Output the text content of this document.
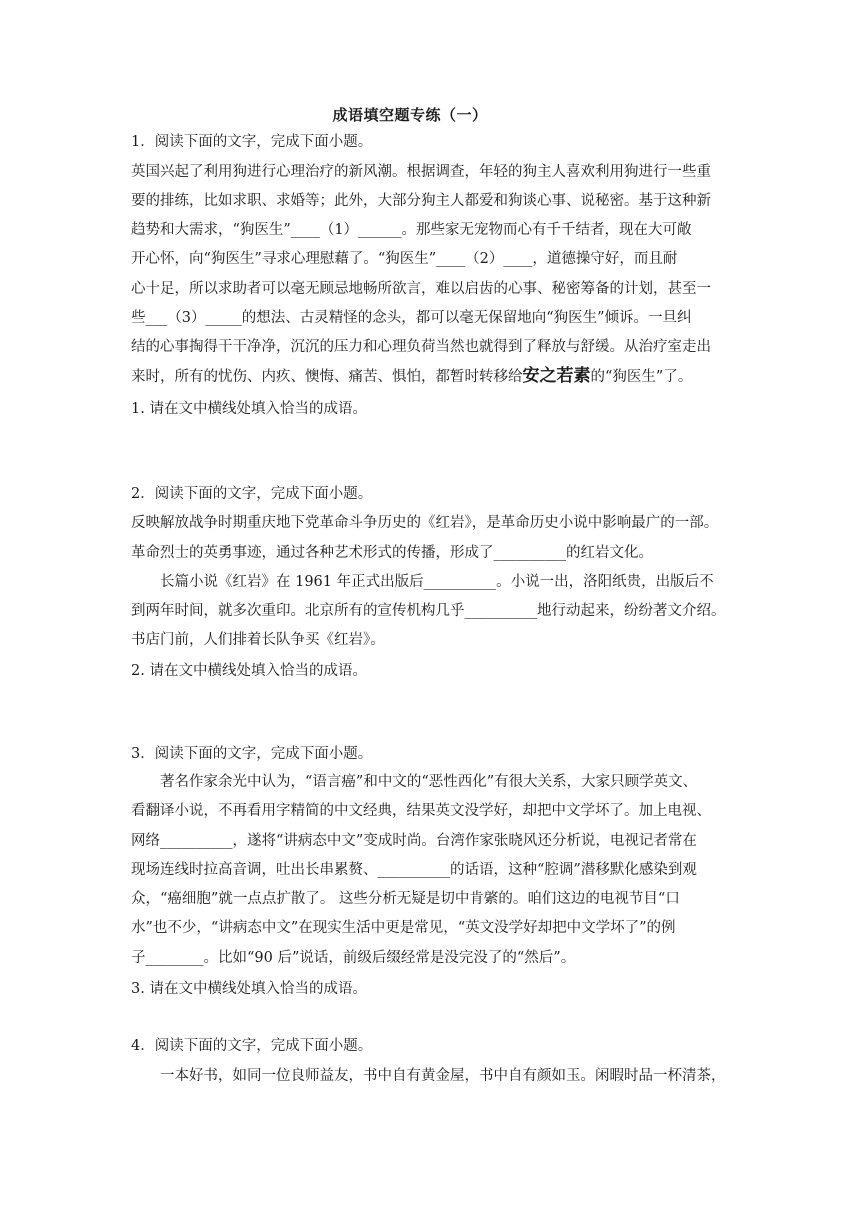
成语填空题专练（一）
1．阅读下面的文字，完成下面小题。
英国兴起了利用狗进行心理治疗的新风潮。根据调查，年轻的狗主人喜欢利用狗进行一些重
要的排练，比如求职、求婚等；此外，大部分狗主人都爱和狗谈心事、说秘密。基于这种新
趋势和大需求，“狗医生”____（1）______。那些家无宠物而心有千千结者，现在大可敞
开心怀，向“狗医生”寻求心理慰藉了。“狗医生”____（2）____，道德操守好，而且耐
心十足，所以求助者可以毫无顾忌地畅所欲言，难以启齿的心事、秘密筹备的计划，甚至一
些___（3）_____的想法、古灵精怪的念头，都可以毫无保留地向“狗医生”倾诉。一旦纠
结的心事掏得干干净净，沉沉的压力和心理负荷当然也就得到了释放与舒缓。从治疗室走出
来时，所有的忧伤、内疚、懊悔、痛苦、惧怕，都暂时转移给安之若素的“狗医生”了。
1. 请在文中横线处填入恰当的成语。
2．阅读下面的文字，完成下面小题。
反映解放战争时期重庆地下党革命斗争历史的《红岩》，是革命历史小说中影响最广的一部。
革命烈士的英勇事迹，通过各种艺术形式的传播，形成了__________的红岩文化。
长篇小说《红岩》在 1961 年正式出版后__________。小说一出，洛阳纸贵，出版后不
到两年时间，就多次重印。北京所有的宣传机构几乎__________地行动起来，纷纷著文介绍。
书店门前，人们排着长队争买《红岩》。
2. 请在文中横线处填入恰当的成语。
3．阅读下面的文字，完成下面小题。
著名作家余光中认为，“语言癌”和中文的“恶性西化”有很大关系，大家只顾学英文、
看翻译小说，不再看用字精简的中文经典，结果英文没学好，却把中文学坏了。加上电视、
网络__________，遂将“讲病态中文”变成时尚。台湾作家张晓风还分析说，电视记者常在
现场连线时拉高音调，吐出长串累赘、__________的话语，这种“腔调”潜移默化感染到观
众，“癌细胞”就一点点扩散了。 这些分析无疑是切中肯綮的。咱们这边的电视节目“口
水”也不少，“讲病态中文”在现实生活中更是常见，“英文没学好却把中文学坏了”的例
子________。比如“90 后”说话，前级后缀经常是没完没了的“然后”。
3. 请在文中横线处填入恰当的成语。
4．阅读下面的文字，完成下面小题。
一本好书，如同一位良师益友，书中自有黄金屋，书中自有颜如玉。闲暇时品一杯清茶，
